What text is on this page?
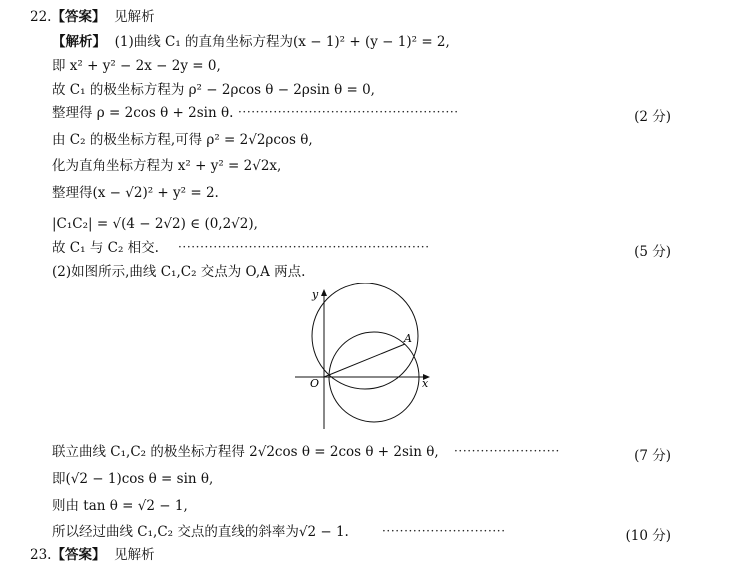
22.【答案】 见解析
【解析】 (1)曲线 C₁ 的直角坐标方程为(x − 1)² + (y − 1)² = 2,
即 x² + y² − 2x − 2y = 0,
故 C₁ 的极坐标方程为 ρ² − 2ρcos θ − 2ρsin θ = 0,
整理得 ρ = 2cos θ + 2sin θ. ··················································	(2 分)
由 C₂ 的极坐标方程,可得 ρ² = 2√2ρcos θ,
化为直角坐标方程为 x² + y² = 2√2x,
整理得(x − √2)² + y² = 2.
|C₁C₂| = √(4 − 2√2) ∈ (0,2√2),
故 C₁ 与 C₂ 相交. ·························································	(5 分)
(2)如图所示,曲线 C₁,C₂ 交点为 O,A 两点.
y
x
O
A
联立曲线 C₁,C₂ 的极坐标方程得 2√2cos θ = 2cos θ + 2sin θ, ························	(7 分)
即(√2 − 1)cos θ = sin θ,
则由 tan θ = √2 − 1,
所以经过曲线 C₁,C₂ 交点的直线的斜率为√2 − 1.	····························	(10 分)
23.【答案】 见解析
